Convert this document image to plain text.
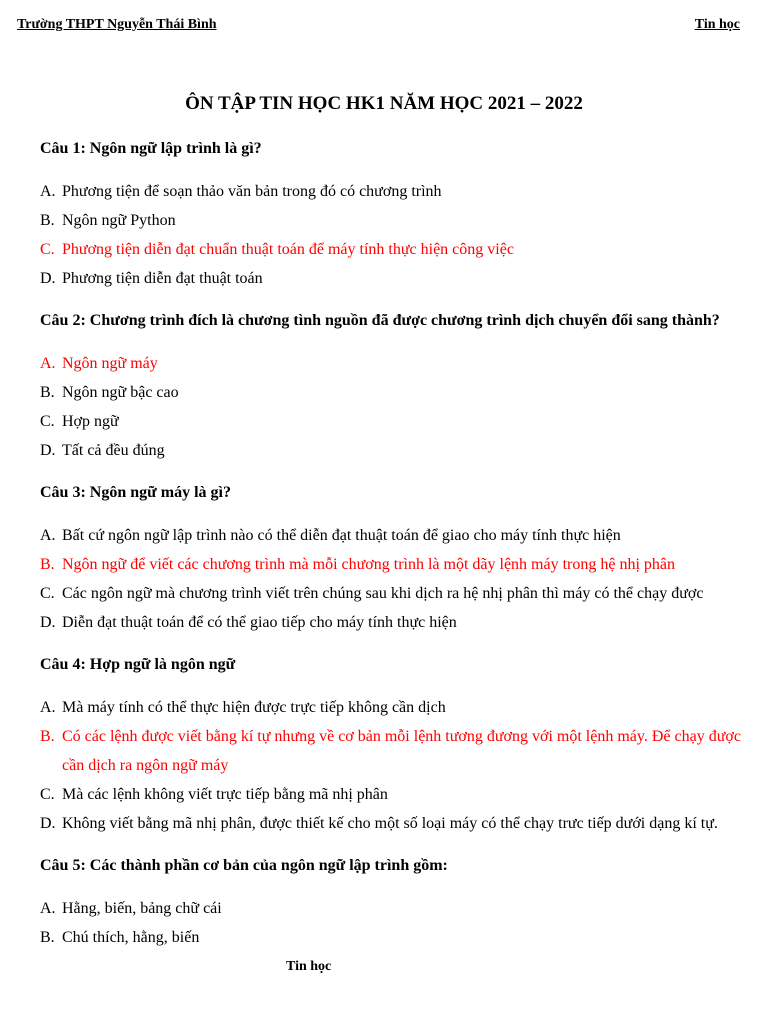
Trường THPT Nguyễn Thái Bình	Tin học
ÔN TẬP TIN HỌC HK1 NĂM HỌC 2021 – 2022
Câu 1: Ngôn ngữ lập trình là gì?
A. Phương tiện để soạn thảo văn bản trong đó có chương trình
B. Ngôn ngữ Python
C. Phương tiện diễn đạt chuẩn thuật toán để máy tính thực hiện công việc
D. Phương tiện diễn đạt thuật toán
Câu 2: Chương trình đích là chương tình nguồn đã được chương trình dịch chuyển đổi sang thành?
A. Ngôn ngữ máy
B. Ngôn ngữ bậc cao
C. Hợp ngữ
D. Tất cả đều đúng
Câu 3: Ngôn ngữ máy là gì?
A. Bất cứ ngôn ngữ lập trình nào có thể diễn đạt thuật toán để giao cho máy tính thực hiện
B. Ngôn ngữ để viết các chương trình mà mỗi chương trình là một dãy lệnh máy trong hệ nhị phân
C. Các ngôn ngữ mà chương trình viết trên chúng sau khi dịch ra hệ nhị phân thì máy có thể chạy được
D. Diễn đạt thuật toán để có thể giao tiếp cho máy tính thực hiện
Câu 4: Hợp ngữ là ngôn ngữ
A. Mà máy tính có thể thực hiện được trực tiếp không cần dịch
B. Có các lệnh được viết bằng kí tự nhưng về cơ bản mỗi lệnh tương đương với một lệnh máy. Để chạy được cần dịch ra ngôn ngữ máy
C. Mà các lệnh không viết trực tiếp bằng mã nhị phân
D. Không viết bằng mã nhị phân, được thiết kế cho một số loại máy có thể chạy trưc tiếp dưới dạng kí tự.
Câu 5: Các thành phần cơ bản của ngôn ngữ lập trình gồm:
A. Hằng, biến, bảng chữ cái
B. Chú thích, hằng, biến
Tin học
